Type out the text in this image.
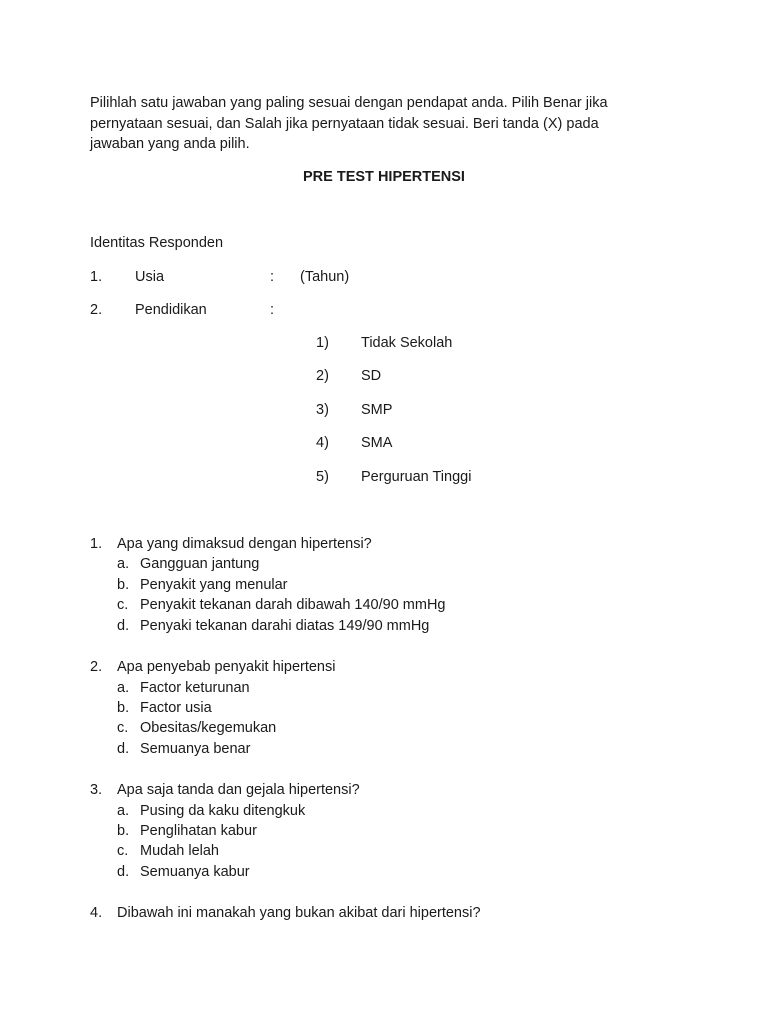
Pilihlah satu jawaban yang paling sesuai dengan pendapat anda. Pilih Benar jika
pernyataan sesuai, dan Salah jika pernyataan tidak sesuai. Beri tanda (X) pada
jawaban yang anda pilih.
PRE TEST HIPERTENSI
Identitas Responden
1. Usia	: (Tahun)
2. Pendidikan	:
1) Tidak Sekolah
2) SD
3) SMP
4) SMA
5) Perguruan Tinggi
1. Apa yang dimaksud dengan hipertensi?
a. Gangguan jantung
b. Penyakit yang menular
c. Penyakit tekanan darah dibawah 140/90 mmHg
d. Penyaki tekanan darahi diatas 149/90 mmHg
2. Apa penyebab penyakit hipertensi
a. Factor keturunan
b. Factor usia
c. Obesitas/kegemukan
d. Semuanya benar
3. Apa saja tanda dan gejala hipertensi?
a. Pusing da kaku ditengkuk
b. Penglihatan kabur
c. Mudah lelah
d. Semuanya kabur
4. Dibawah ini manakah yang bukan akibat dari hipertensi?
